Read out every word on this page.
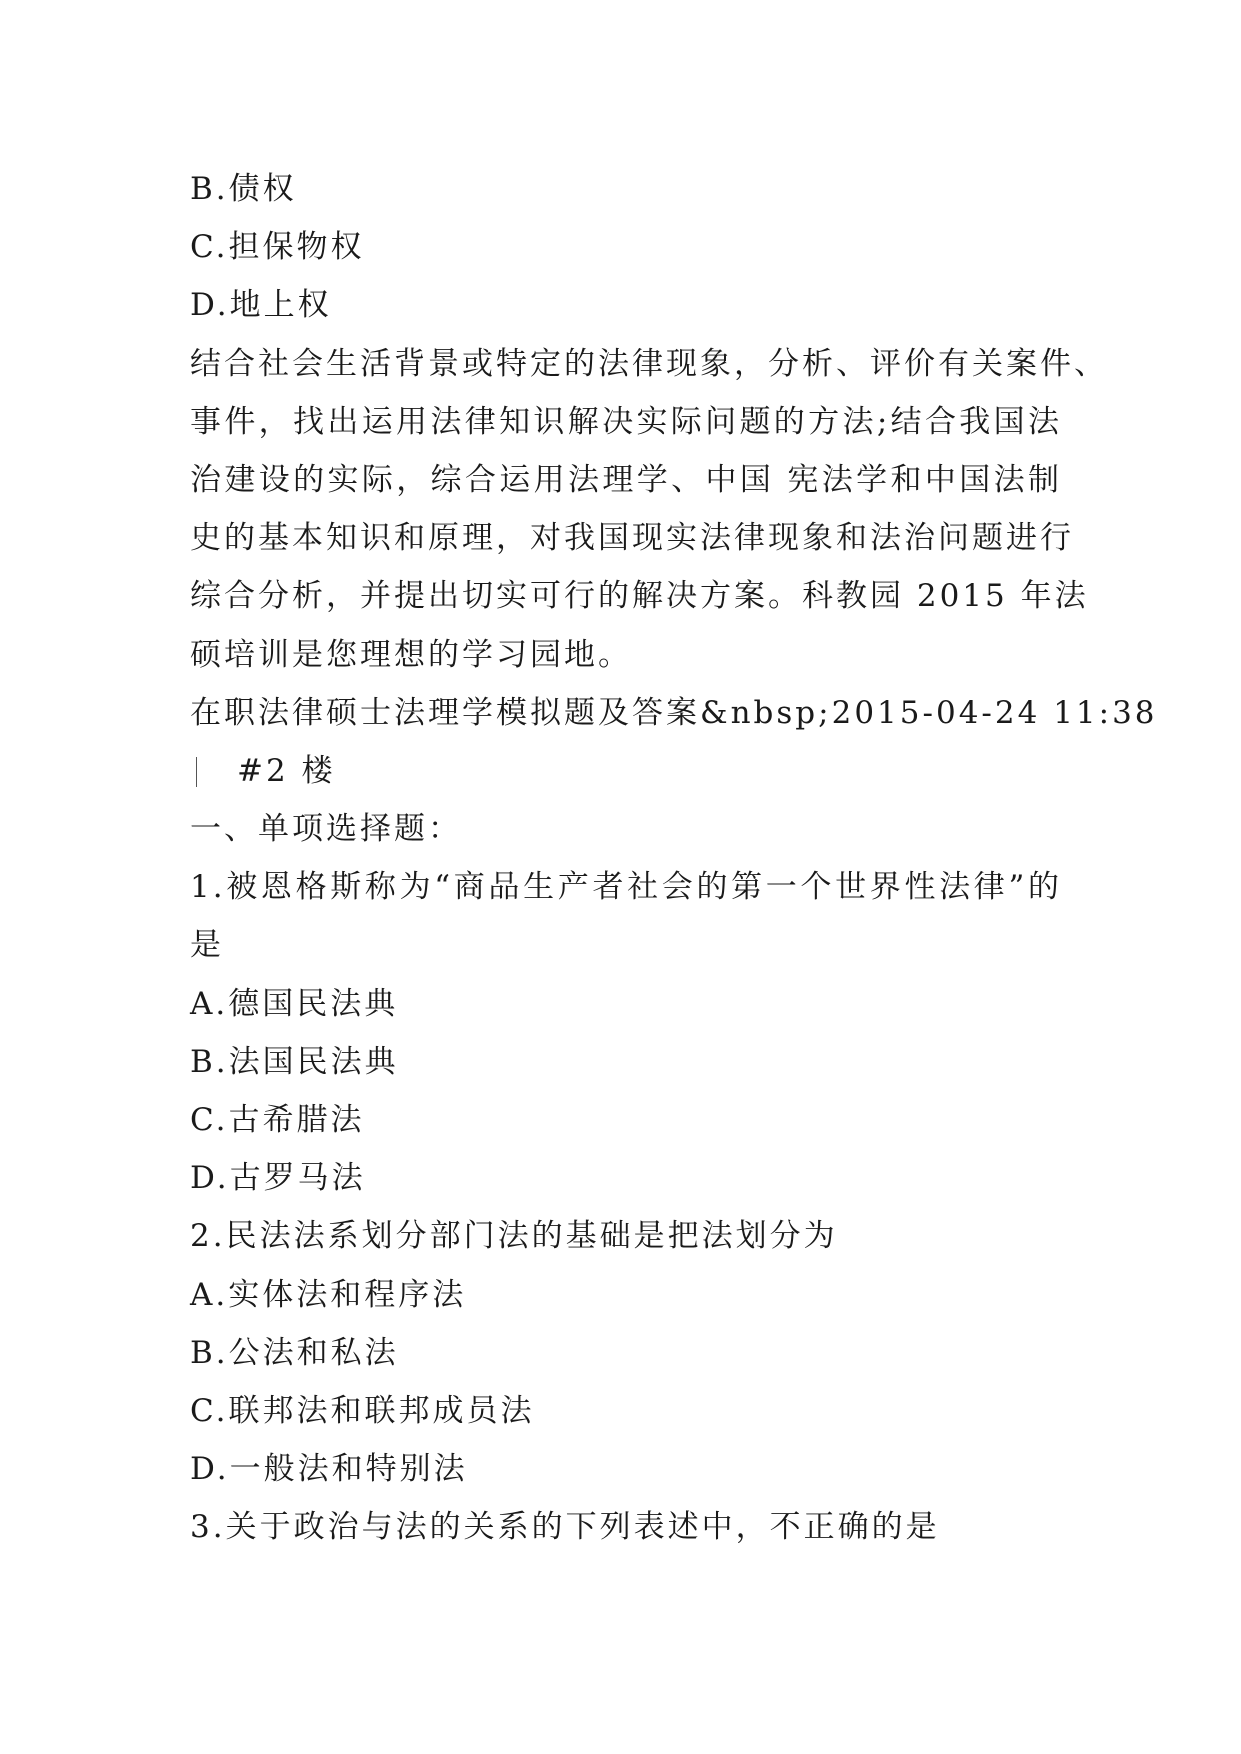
B.债权
C.担保物权
D.地上权
结合社会生活背景或特定的法律现象，分析、评价有关案件、
事件，找出运用法律知识解决实际问题的方法;结合我国法
治建设的实际，综合运用法理学、中国 宪法学和中国法制
史的基本知识和原理，对我国现实法律现象和法治问题进行
综合分析，并提出切实可行的解决方案。科教园 2015 年法
硕培训是您理想的学习园地。
在职法律硕士法理学模拟题及答案&nbsp;2015-04-24 11:38
#2 楼
一、单项选择题：
1.被恩格斯称为“商品生产者社会的第一个世界性法律”的
是
A.德国民法典
B.法国民法典
C.古希腊法
D.古罗马法
2.民法法系划分部门法的基础是把法划分为
A.实体法和程序法
B.公法和私法
C.联邦法和联邦成员法
D.一般法和特别法
3.关于政治与法的关系的下列表述中，不正确的是
